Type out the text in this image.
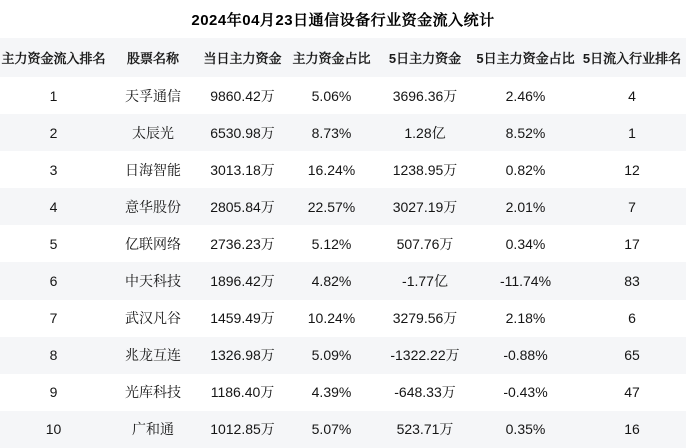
2024年04月23日通信设备行业资金流入统计
主力资金流入排名	股票名称	当日主力资金	主力资金占比	5日主力资金	5日主力资金占比	5日流入行业排名
1	天孚通信	9860.42万	5.06%	3696.36万	2.46%	4
2	太辰光	6530.98万	8.73%	1.28亿	8.52%	1
3	日海智能	3013.18万	16.24%	1238.95万	0.82%	12
4	意华股份	2805.84万	22.57%	3027.19万	2.01%	7
5	亿联网络	2736.23万	5.12%	507.76万	0.34%	17
6	中天科技	1896.42万	4.82%	-1.77亿	-11.74%	83
7	武汉凡谷	1459.49万	10.24%	3279.56万	2.18%	6
8	兆龙互连	1326.98万	5.09%	-1322.22万	-0.88%	65
9	光库科技	1186.40万	4.39%	-648.33万	-0.43%	47
10	广和通	1012.85万	5.07%	523.71万	0.35%	16
